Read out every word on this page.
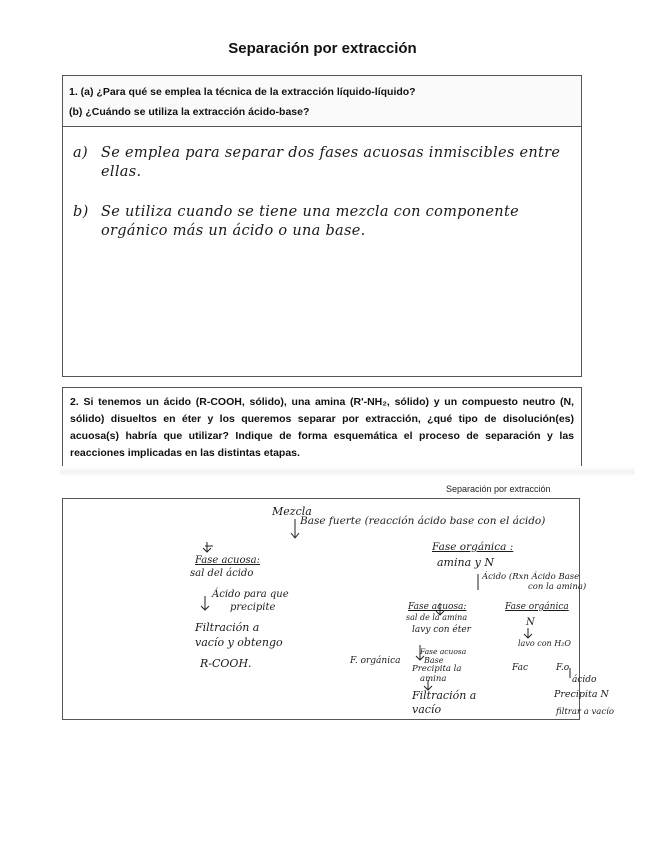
Separación por extracción
1. (a) ¿Para qué se emplea la técnica de la extracción líquido-líquido?
(b) ¿Cuándo se utiliza la extracción ácido-base?
a) Se emplea para separar dos fases acuosas inmiscibles entre ellas.
b) Se utiliza cuando se tiene una mezcla con componente orgánico más un ácido o una base.
2. Si tenemos un ácido (R-COOH, sólido), una amina (R'-NH₂, sólido) y un compuesto neutro (N, sólido) disueltos en éter y los queremos separar por extracción, ¿qué tipo de disolución(es) acuosa(s) habría que utilizar? Indique de forma esquemática el proceso de separación y las reacciones implicadas en las distintas etapas.
Separación por extracción
Mezcla
Base fuerte (reacción ácido base con el ácido)
Fase acuosa:
sal del ácido
Ácido para que
precipite
Filtración a
vacío y obtengo
R-COOH.
Fase orgánica :
amina y N
Ácido (Rxn Ácido Base
con la amina)
Fase acuosa:
sal de la amina
lavy con éter
Fase orgánica
N
lavo con H₂O
F. orgánica
Fase acuosa
Base
Precipita la
amina
Filtración a
vacío
Fac	F.o
ácido
Precipita N
filtrar a vacío
